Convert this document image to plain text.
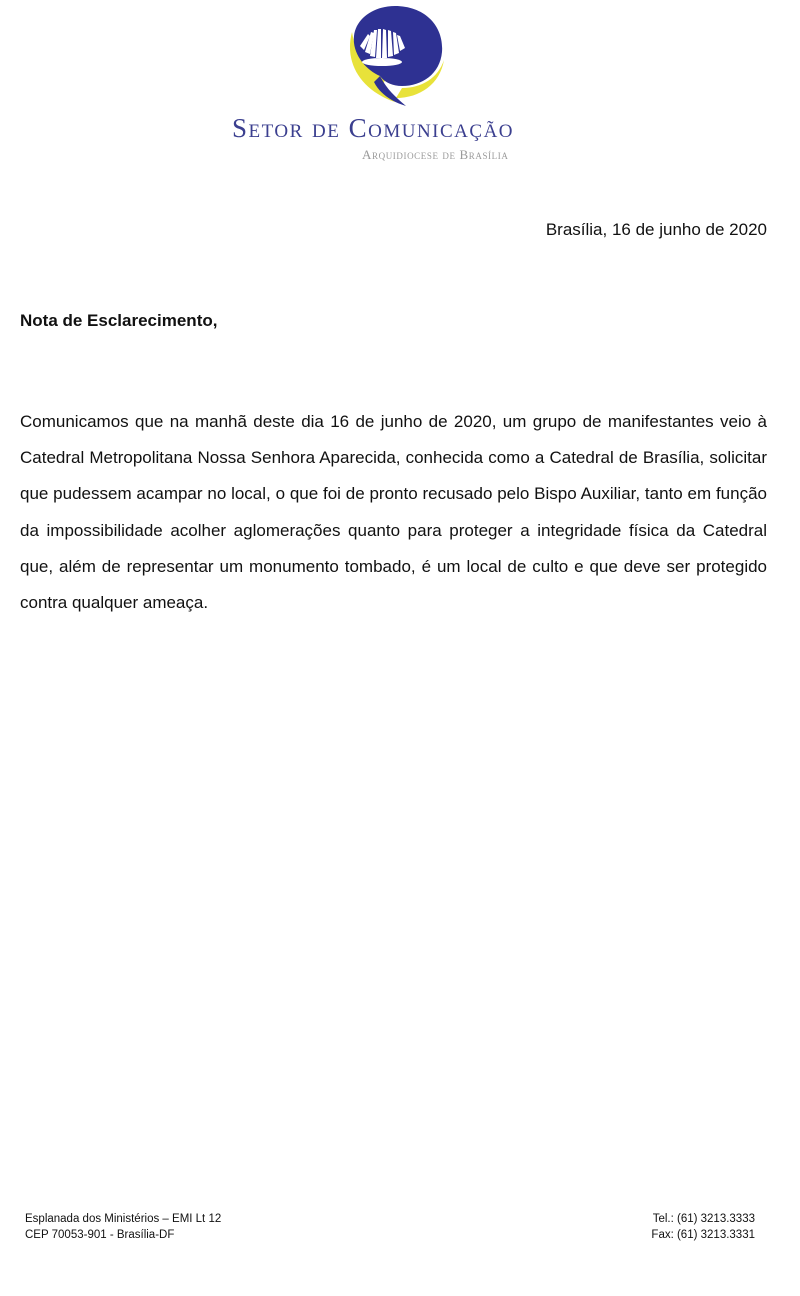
Setor de Comunicação
Arquidiocese de Brasília
Brasília, 16 de junho de 2020
Nota de Esclarecimento,
Comunicamos que na manhã deste dia 16 de junho de 2020, um grupo de manifestantes veio à Catedral Metropolitana Nossa Senhora Aparecida, conhecida como a Catedral de Brasília, solicitar que pudessem acampar no local, o que foi de pronto recusado pelo Bispo Auxiliar, tanto em função da impossibilidade acolher aglomerações quanto para proteger a integridade física da Catedral que, além de representar um monumento tombado, é um local de culto e que deve ser protegido contra qualquer ameaça.
Esplanada dos Ministérios – EMI Lt 12
CEP 70053-901 - Brasília-DF
Tel.: (61) 3213.3333
Fax: (61) 3213.3331
